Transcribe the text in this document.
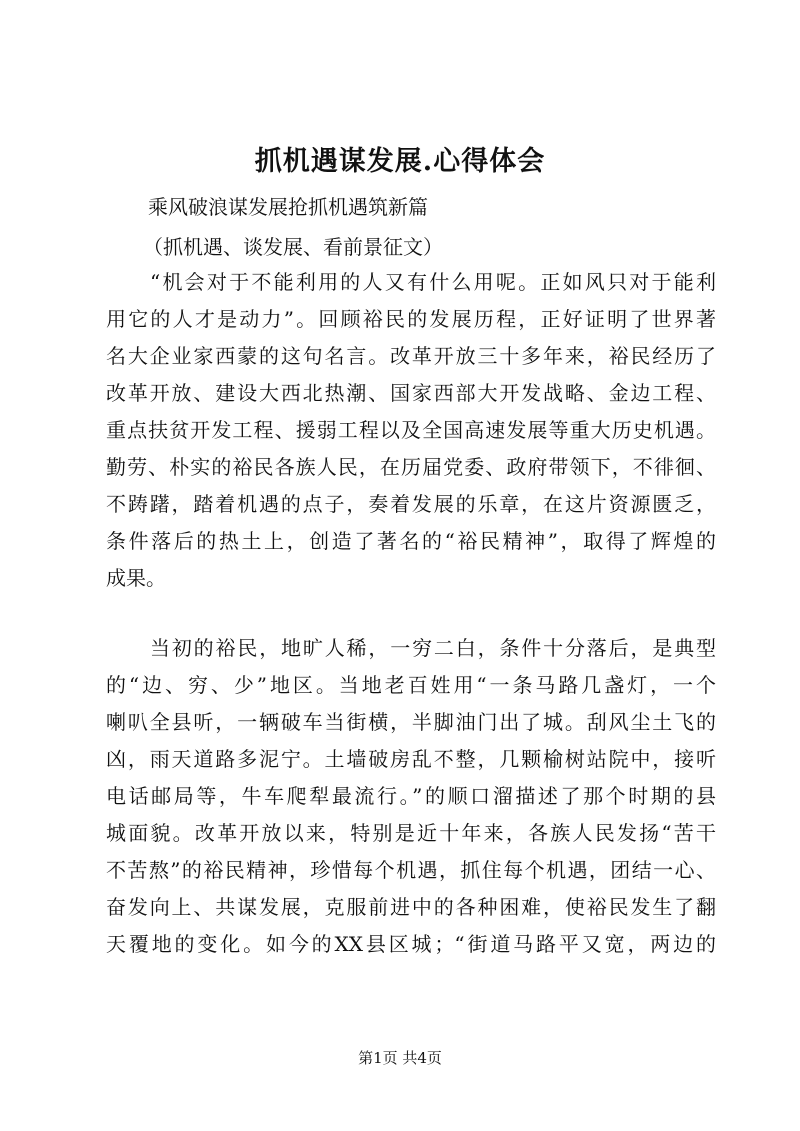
抓机遇谋发展.心得体会

乘风破浪谋发展抢抓机遇筑新篇

（抓机遇、谈发展、看前景征文）

“机会对于不能利用的人又有什么用呢。正如风只对于能利
用它的人才是动力”。回顾裕民的发展历程，正好证明了世界著
名大企业家西蒙的这句名言。改革开放三十多年来，裕民经历了
改革开放、建设大西北热潮、国家西部大开发战略、金边工程、
重点扶贫开发工程、援弱工程以及全国高速发展等重大历史机遇。
勤劳、朴实的裕民各族人民，在历届党委、政府带领下，不徘徊、
不踌躇，踏着机遇的点子，奏着发展的乐章，在这片资源匮乏，
条件落后的热土上，创造了著名的“裕民精神”，取得了辉煌的
成果。
当初的裕民，地旷人稀，一穷二白，条件十分落后，是典型
的“边、穷、少”地区。当地老百姓用“一条马路几盏灯，一个
喇叭全县听，一辆破车当街横，半脚油门出了城。刮风尘土飞的
凶，雨天道路多泥宁。土墙破房乱不整，几颗榆树站院中，接听
电话邮局等，牛车爬犁最流行。”的顺口溜描述了那个时期的县
城面貌。改革开放以来，特别是近十年来，各族人民发扬“苦干
不苦熬”的裕民精神，珍惜每个机遇，抓住每个机遇，团结一心、
奋发向上、共谋发展，克服前进中的各种困难，使裕民发生了翻
天覆地的变化。如今的XX县区城；“街道马路平又宽，两边的

第1页 共4页
